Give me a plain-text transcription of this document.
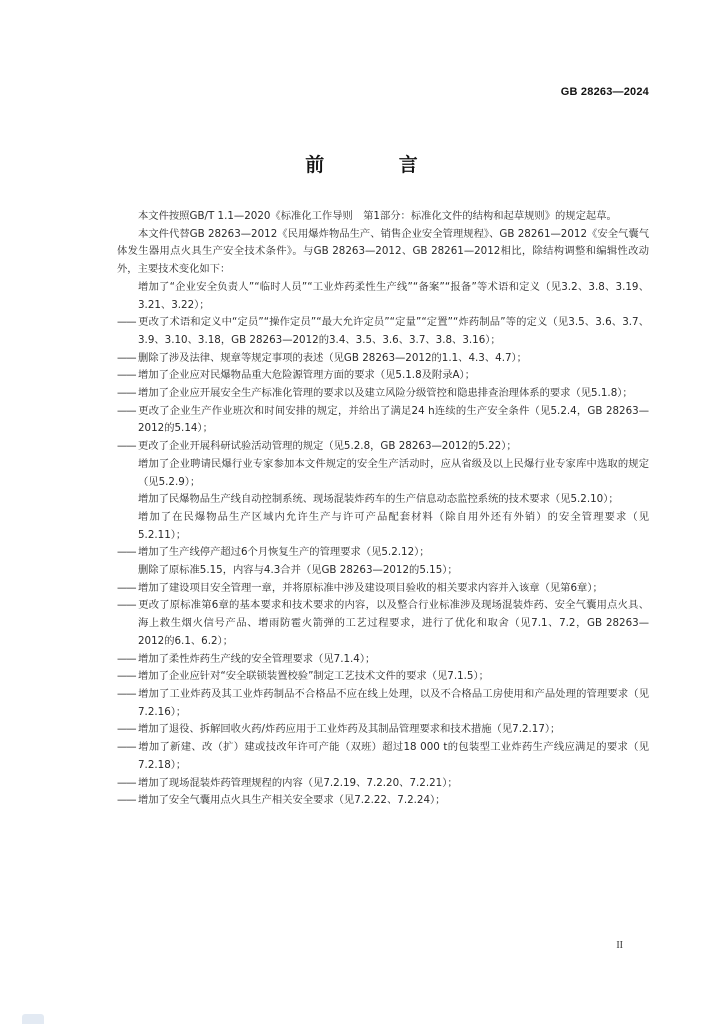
GB 28263—2024
前 言

本文件按照GB/T 1.1—2020《标准化工作导则　第1部分：标准化文件的结构和起草规则》的规定起草。

本文件代替GB 28263—2012《民用爆炸物品生产、销售企业安全管理规程》、GB 28261—2012《安全气囊气体发生器用点火具生产安全技术条件》。与GB 28263—2012、GB 28261—2012相比，除结构调整和编辑性改动外，主要技术变化如下：

增加了“企业安全负责人”“临时人员”“工业炸药柔性生产线”“备案”“报备”等术语和定义（见3.2、3.8、3.19、3.21、3.22）；
—— 更改了术语和定义中“定员”“操作定员”“最大允许定员”“定量”“定置”“炸药制品”等的定义（见3.5、3.6、3.7、3.9、3.10、3.18，GB 28263—2012的3.4、3.5、3.6、3.7、3.8、3.16）；
—— 删除了涉及法律、规章等规定事项的表述（见GB 28263—2012的1.1、4.3、4.7）；
—— 增加了企业应对民爆物品重大危险源管理方面的要求（见5.1.8及附录A）；
—— 增加了企业应开展安全生产标准化管理的要求以及建立风险分级管控和隐患排查治理体系的要求（见5.1.8）；
—— 更改了企业生产作业班次和时间安排的规定，并给出了满足24 h连续的生产安全条件（见5.2.4，GB 28263—2012的5.14）；
—— 更改了企业开展科研试验活动管理的规定（见5.2.8，GB 28263—2012的5.22）；
增加了企业聘请民爆行业专家参加本文件规定的安全生产活动时，应从省级及以上民爆行业专家库中选取的规定（见5.2.9）；
增加了民爆物品生产线自动控制系统、现场混装炸药车的生产信息动态监控系统的技术要求（见5.2.10）；
增加了在民爆物品生产区域内允许生产与许可产品配套材料（除自用外还有外销）的安全管理要求（见5.2.11）；
—— 增加了生产线停产超过6个月恢复生产的管理要求（见5.2.12）；
删除了原标准5.15，内容与4.3合并（见GB 28263—2012的5.15）；
—— 增加了建设项目安全管理一章，并将原标准中涉及建设项目验收的相关要求内容并入该章（见第6章）；
—— 更改了原标准第6章的基本要求和技术要求的内容，以及整合行业标准涉及现场混装炸药、安全气囊用点火具、海上救生烟火信号产品、增雨防雹火箭弹的工艺过程要求，进行了优化和取舍（见7.1、7.2，GB 28263—2012的6.1、6.2）；
—— 增加了柔性炸药生产线的安全管理要求（见7.1.4）；
—— 增加了企业应针对“安全联锁装置校验”制定工艺技术文件的要求（见7.1.5）；
—— 增加了工业炸药及其工业炸药制品不合格品不应在线上处理，以及不合格品工房使用和产品处理的管理要求（见7.2.16）；
—— 增加了退役、拆解回收火药/炸药应用于工业炸药及其制品管理要求和技术措施（见7.2.17）；
—— 增加了新建、改（扩）建或技改年许可产能（双班）超过18 000 t的包装型工业炸药生产线应满足的要求（见7.2.18）；
—— 增加了现场混装炸药管理规程的内容（见7.2.19、7.2.20、7.2.21）；
—— 增加了安全气囊用点火具生产相关安全要求（见7.2.22、7.2.24）；
II
